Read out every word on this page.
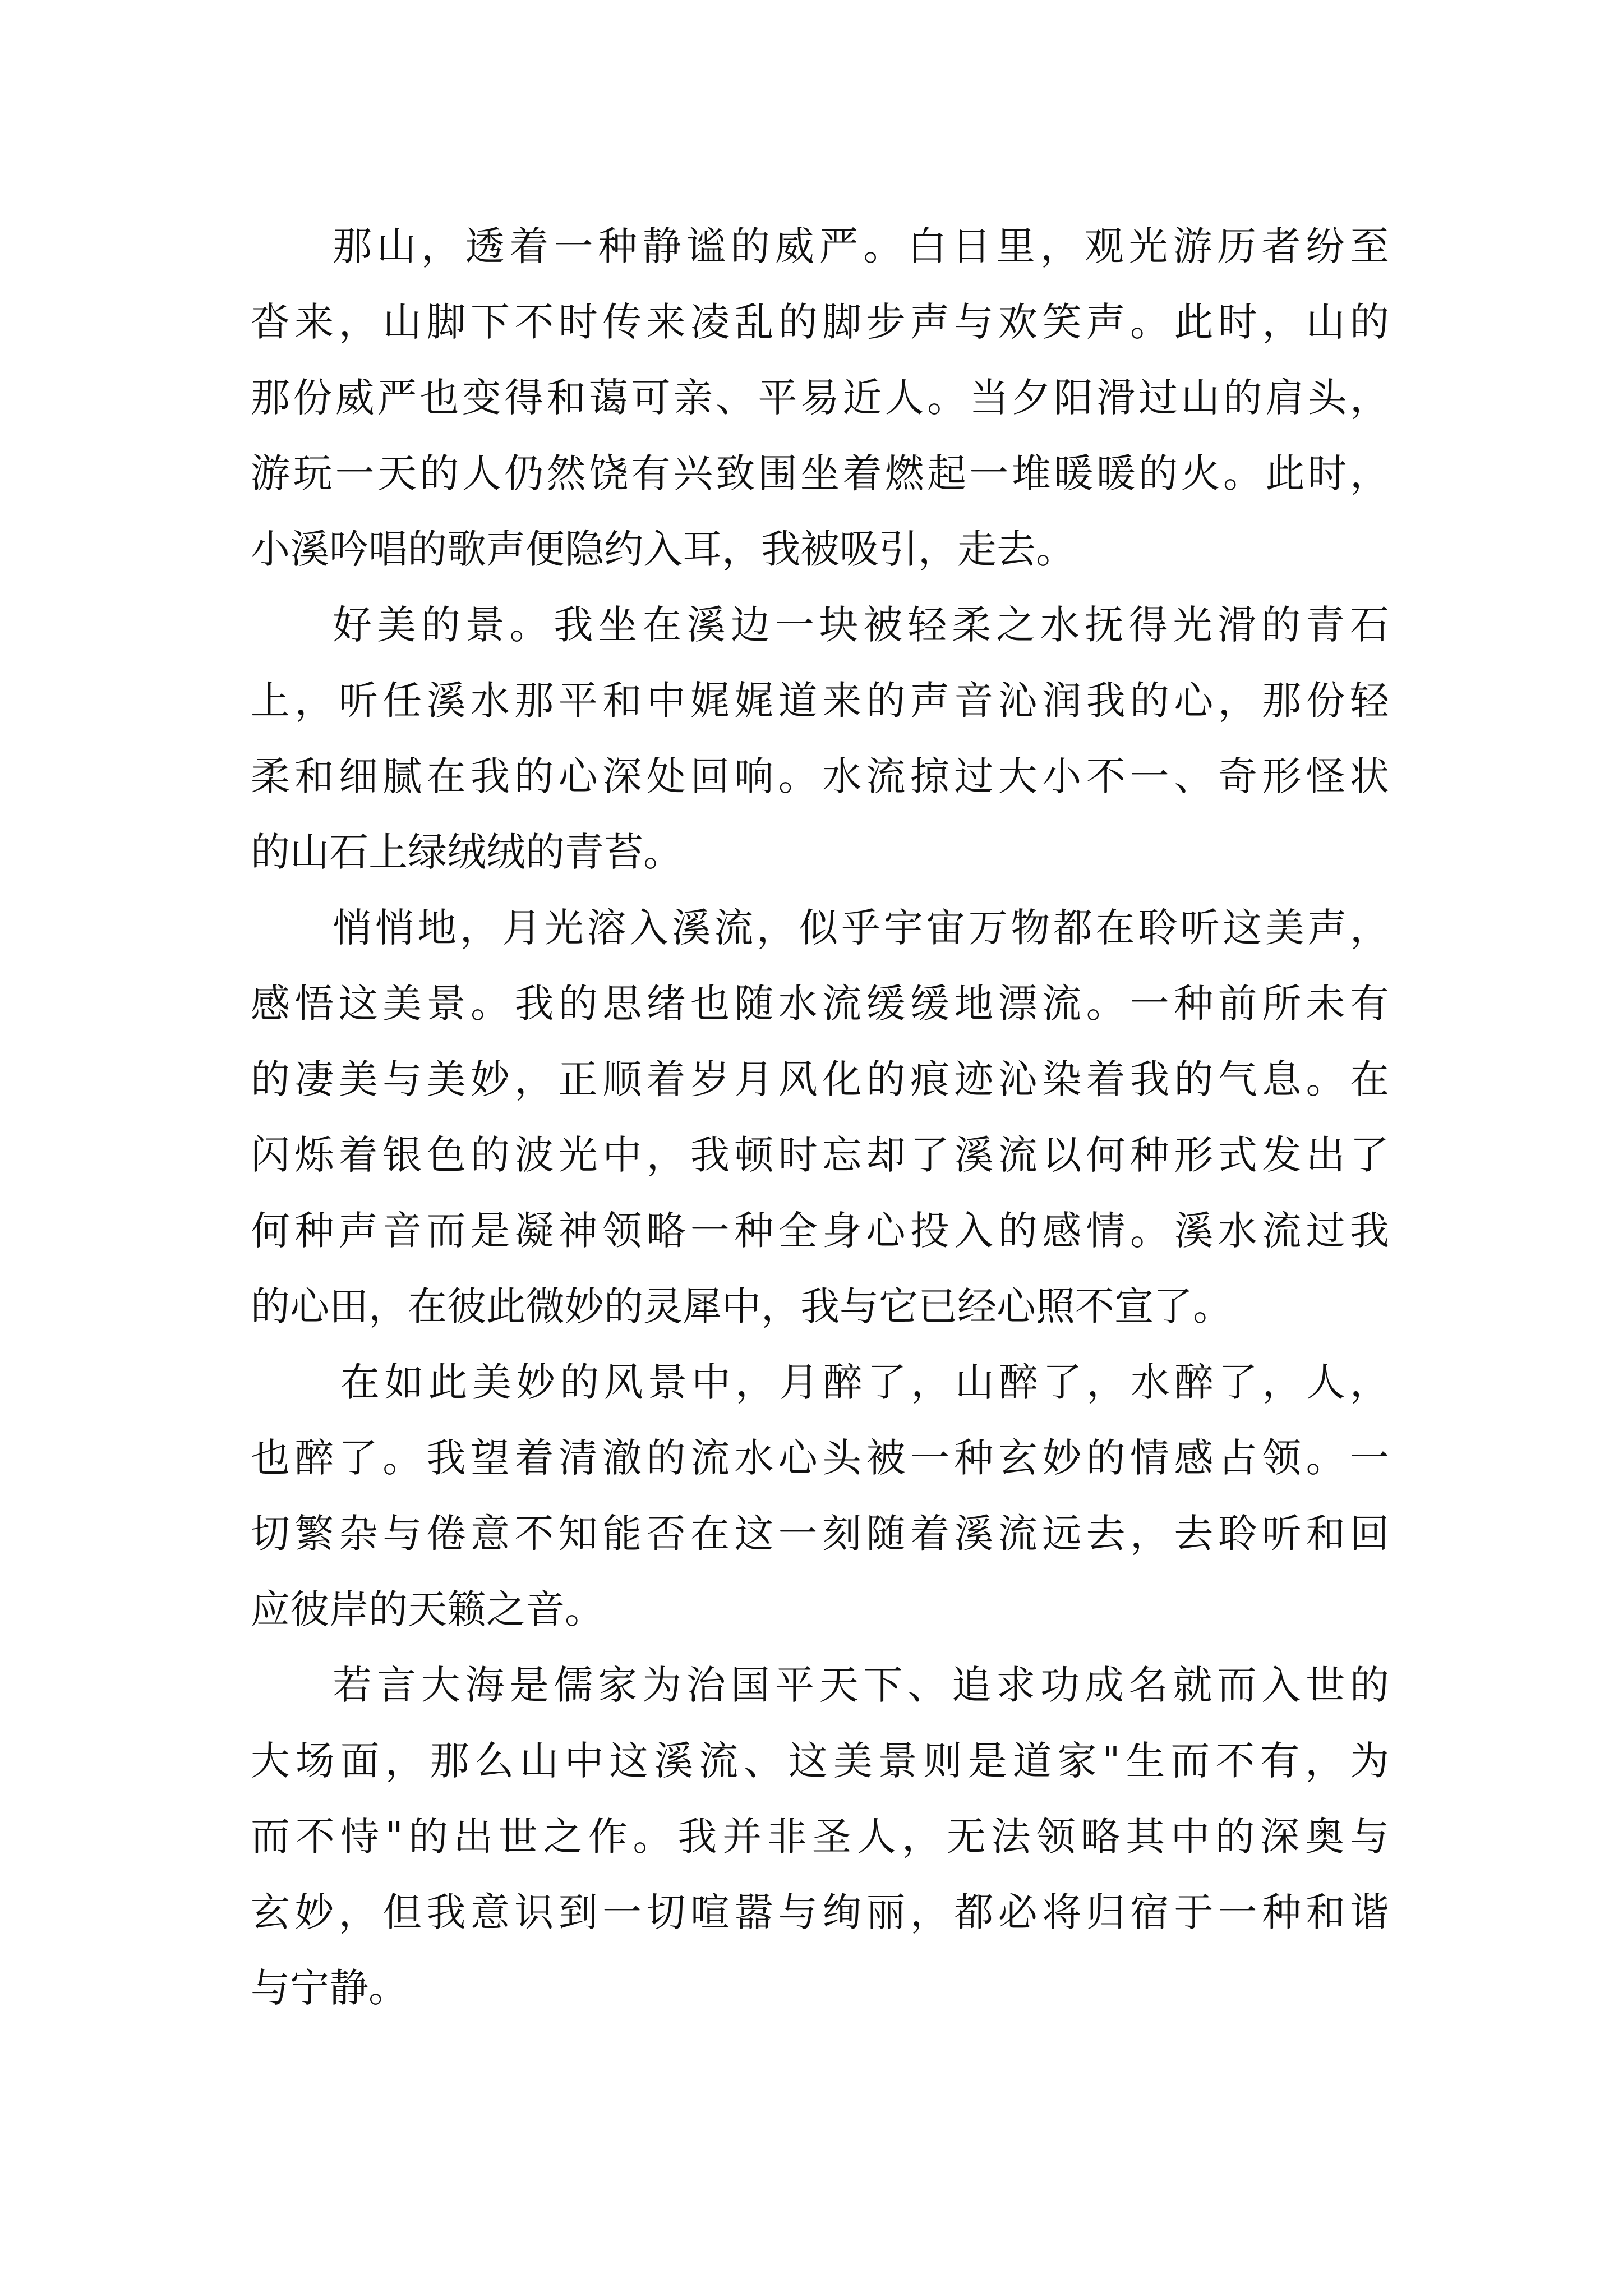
那山，透着一种静谧的威严。白日里，观光游历者纷至
沓来，山脚下不时传来凌乱的脚步声与欢笑声。此时，山的
那份威严也变得和蔼可亲、平易近人。当夕阳滑过山的肩头，
游玩一天的人仍然饶有兴致围坐着燃起一堆暖暖的火。此时，
小溪吟唱的歌声便隐约入耳，我被吸引，走去。
好美的景。我坐在溪边一块被轻柔之水抚得光滑的青石
上，听任溪水那平和中娓娓道来的声音沁润我的心，那份轻
柔和细腻在我的心深处回响。水流掠过大小不一、奇形怪状
的山石上绿绒绒的青苔。
悄悄地，月光溶入溪流，似乎宇宙万物都在聆听这美声，
感悟这美景。我的思绪也随水流缓缓地漂流。一种前所未有
的凄美与美妙，正顺着岁月风化的痕迹沁染着我的气息。在
闪烁着银色的波光中，我顿时忘却了溪流以何种形式发出了
何种声音而是凝神领略一种全身心投入的感情。溪水流过我
的心田，在彼此微妙的灵犀中，我与它已经心照不宣了。
在如此美妙的风景中，月醉了，山醉了，水醉了，人，
也醉了。我望着清澈的流水心头被一种玄妙的情感占领。一
切繁杂与倦意不知能否在这一刻随着溪流远去，去聆听和回
应彼岸的天籁之音。
若言大海是儒家为治国平天下、追求功成名就而入世的
大场面，那么山中这溪流、这美景则是道家"生而不有，为
而不恃"的出世之作。我并非圣人，无法领略其中的深奥与
玄妙，但我意识到一切喧嚣与绚丽，都必将归宿于一种和谐
与宁静。
